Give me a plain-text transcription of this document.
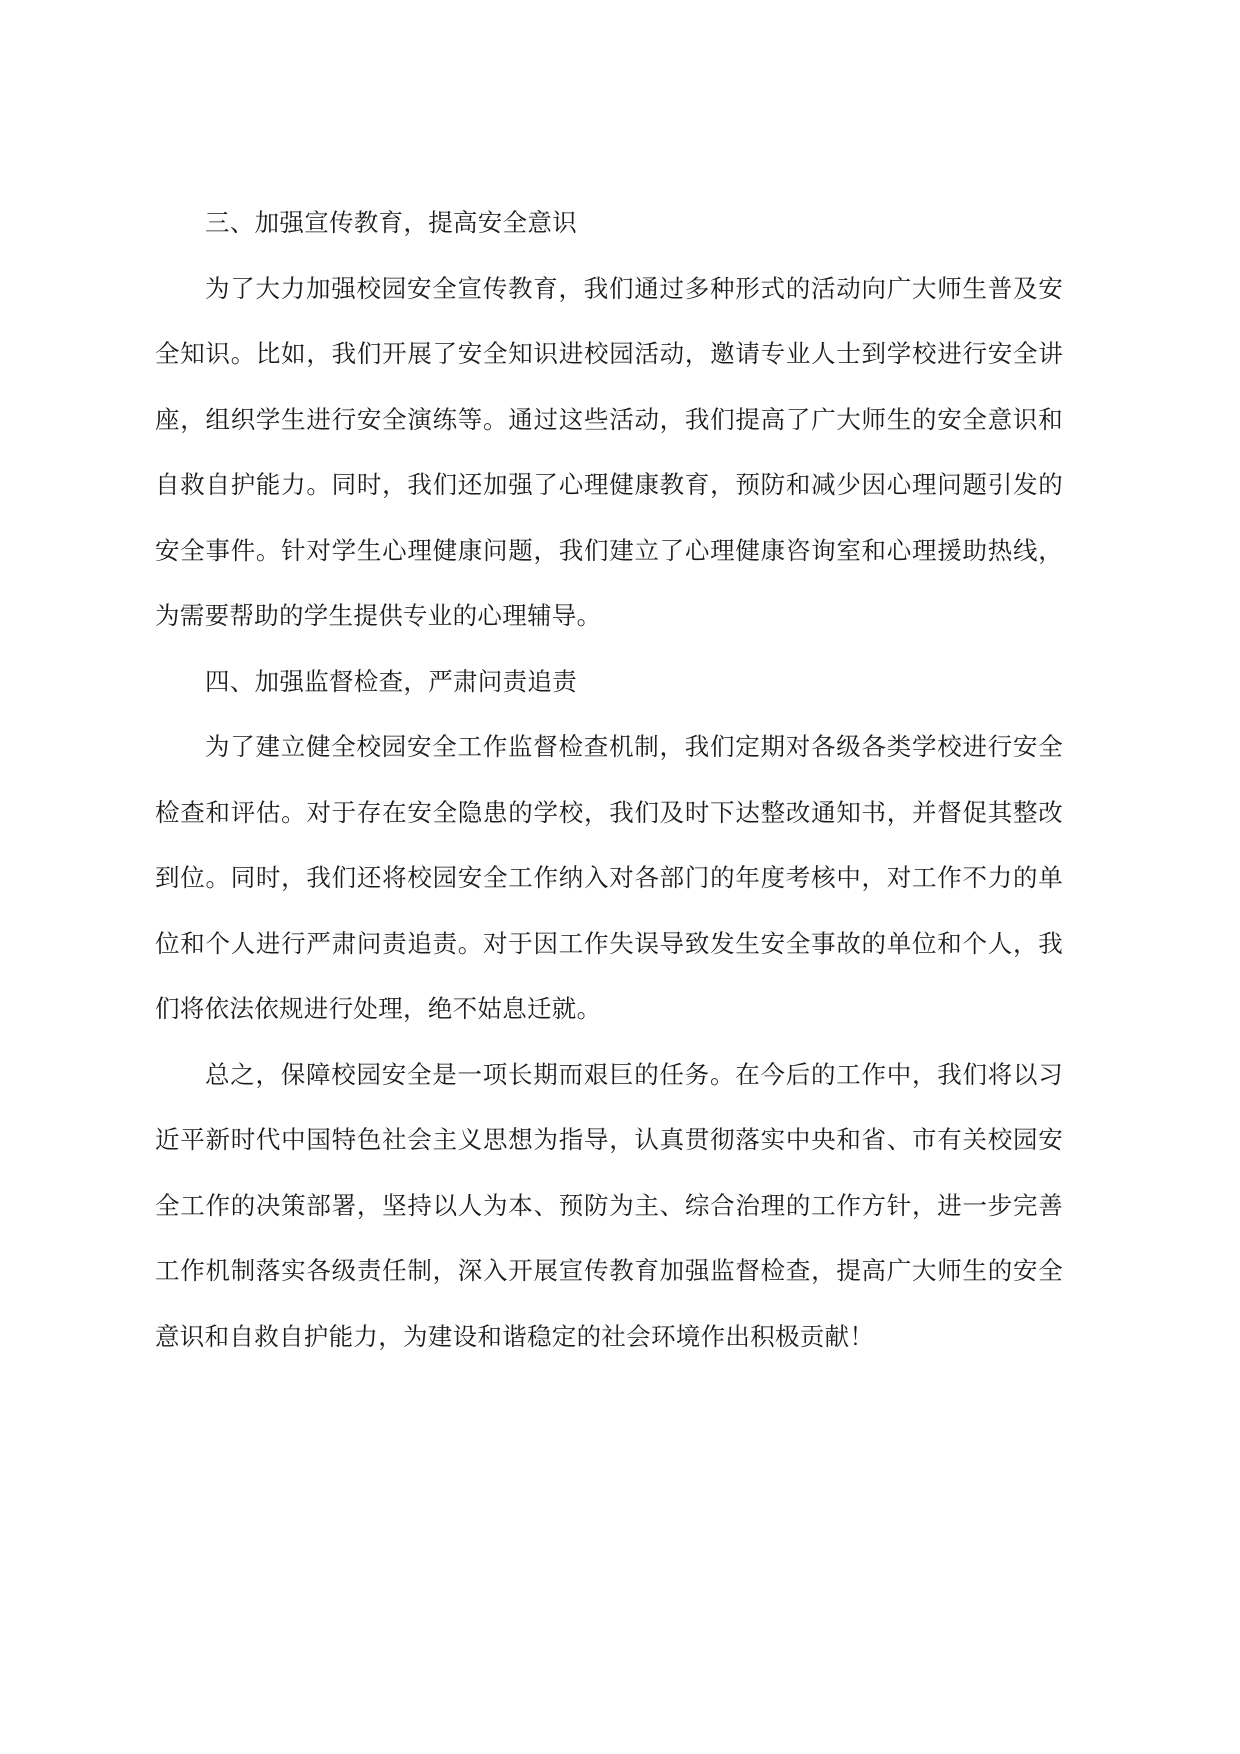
三、加强宣传教育，提高安全意识

为了大力加强校园安全宣传教育，我们通过多种形式的活动向广大师生普及安全知识。比如，我们开展了安全知识进校园活动，邀请专业人士到学校进行安全讲座，组织学生进行安全演练等。通过这些活动，我们提高了广大师生的安全意识和自救自护能力。同时，我们还加强了心理健康教育，预防和减少因心理问题引发的安全事件。针对学生心理健康问题，我们建立了心理健康咨询室和心理援助热线，为需要帮助的学生提供专业的心理辅导。

四、加强监督检查，严肃问责追责

为了建立健全校园安全工作监督检查机制，我们定期对各级各类学校进行安全检查和评估。对于存在安全隐患的学校，我们及时下达整改通知书，并督促其整改到位。同时，我们还将校园安全工作纳入对各部门的年度考核中，对工作不力的单位和个人进行严肃问责追责。对于因工作失误导致发生安全事故的单位和个人，我们将依法依规进行处理，绝不姑息迁就。

总之，保障校园安全是一项长期而艰巨的任务。在今后的工作中，我们将以习近平新时代中国特色社会主义思想为指导，认真贯彻落实中央和省、市有关校园安全工作的决策部署，坚持以人为本、预防为主、综合治理的工作方针，进一步完善工作机制落实各级责任制，深入开展宣传教育加强监督检查，提高广大师生的安全意识和自救自护能力，为建设和谐稳定的社会环境作出积极贡献！
